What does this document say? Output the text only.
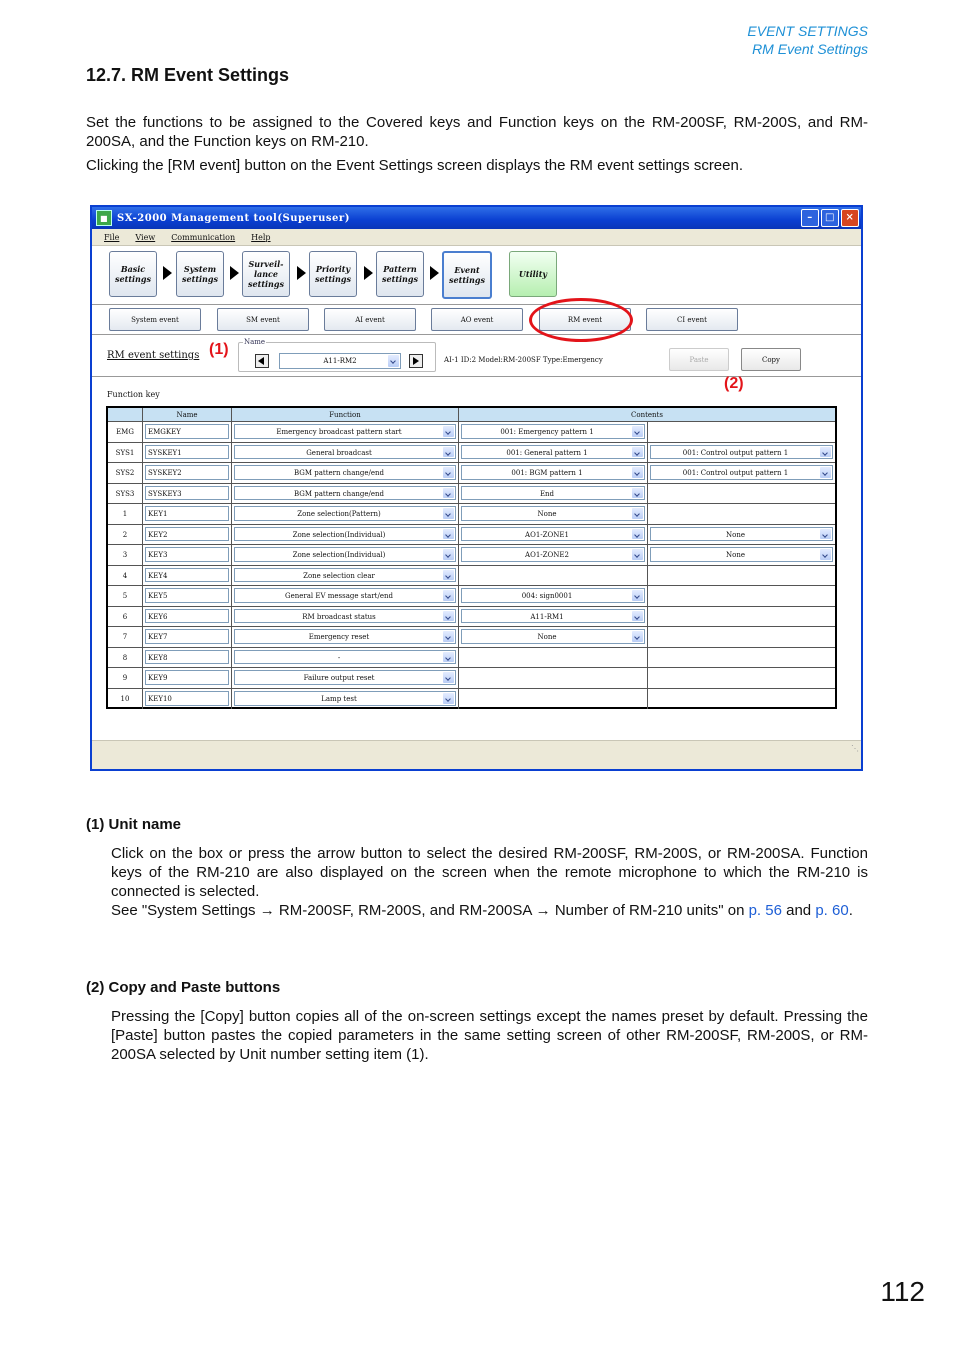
EVENT SETTINGS
RM Event Settings
12.7. RM Event Settings
Set the functions to be assigned to the Covered keys and Function keys on the RM-200SF, RM-200S, and RM-200SA, and the Function keys on RM-210.
Clicking the [RM event] button on the Event Settings screen displays the RM event settings screen.
■ SX-2000 Management tool(Superuser)	–	□	×
File View Communication Help
Basic settings
System settings
Surveil-lance settings
Priority settings
Pattern settings
Event settings
Utility
System event	SM event	AI event	AO event	RM event	CI event
RM event settings (1) Name
A11-RM2	AI-1 ID:2 Model:RM-200SF Type:Emergency	Paste	Copy
(2)
Function key
Name	Function	Contents
EMG	EMGKEY	Emergency broadcast pattern start	001: Emergency pattern 1
SYS1	SYSKEY1	General broadcast	001: General pattern 1	001: Control output pattern 1
SYS2	SYSKEY2	BGM pattern change/end	001: BGM pattern 1	001: Control output pattern 1
SYS3	SYSKEY3	BGM pattern change/end	End
1	KEY1	Zone selection(Pattern)	None
2	KEY2	Zone selection(Individual)	AO1-ZONE1	None
3	KEY3	Zone selection(Individual)	AO1-ZONE2	None
4	KEY4	Zone selection clear
5	KEY5	General EV message start/end	004: sign0001
6	KEY6	RM broadcast status	A11-RM1
7	KEY7	Emergency reset	None
8	KEY8	-
9	KEY9	Failure output reset
10	KEY10	Lamp test
⋱
(1) Unit name
Click on the box or press the arrow button to select the desired RM-200SF, RM-200S, or RM-200SA. Function keys of the RM-210 are also displayed on the screen when the remote microphone to which the RM-210 is connected is selected.
See "System Settings → RM-200SF, RM-200S, and RM-200SA → Number of RM-210 units" on p. 56 and p. 60.
(2) Copy and Paste buttons
Pressing the [Copy] button copies all of the on-screen settings except the names preset by default. Pressing the [Paste] button pastes the copied parameters in the same setting screen of other RM-200SF, RM-200S, or RM-200SA selected by Unit number setting item (1).
112
